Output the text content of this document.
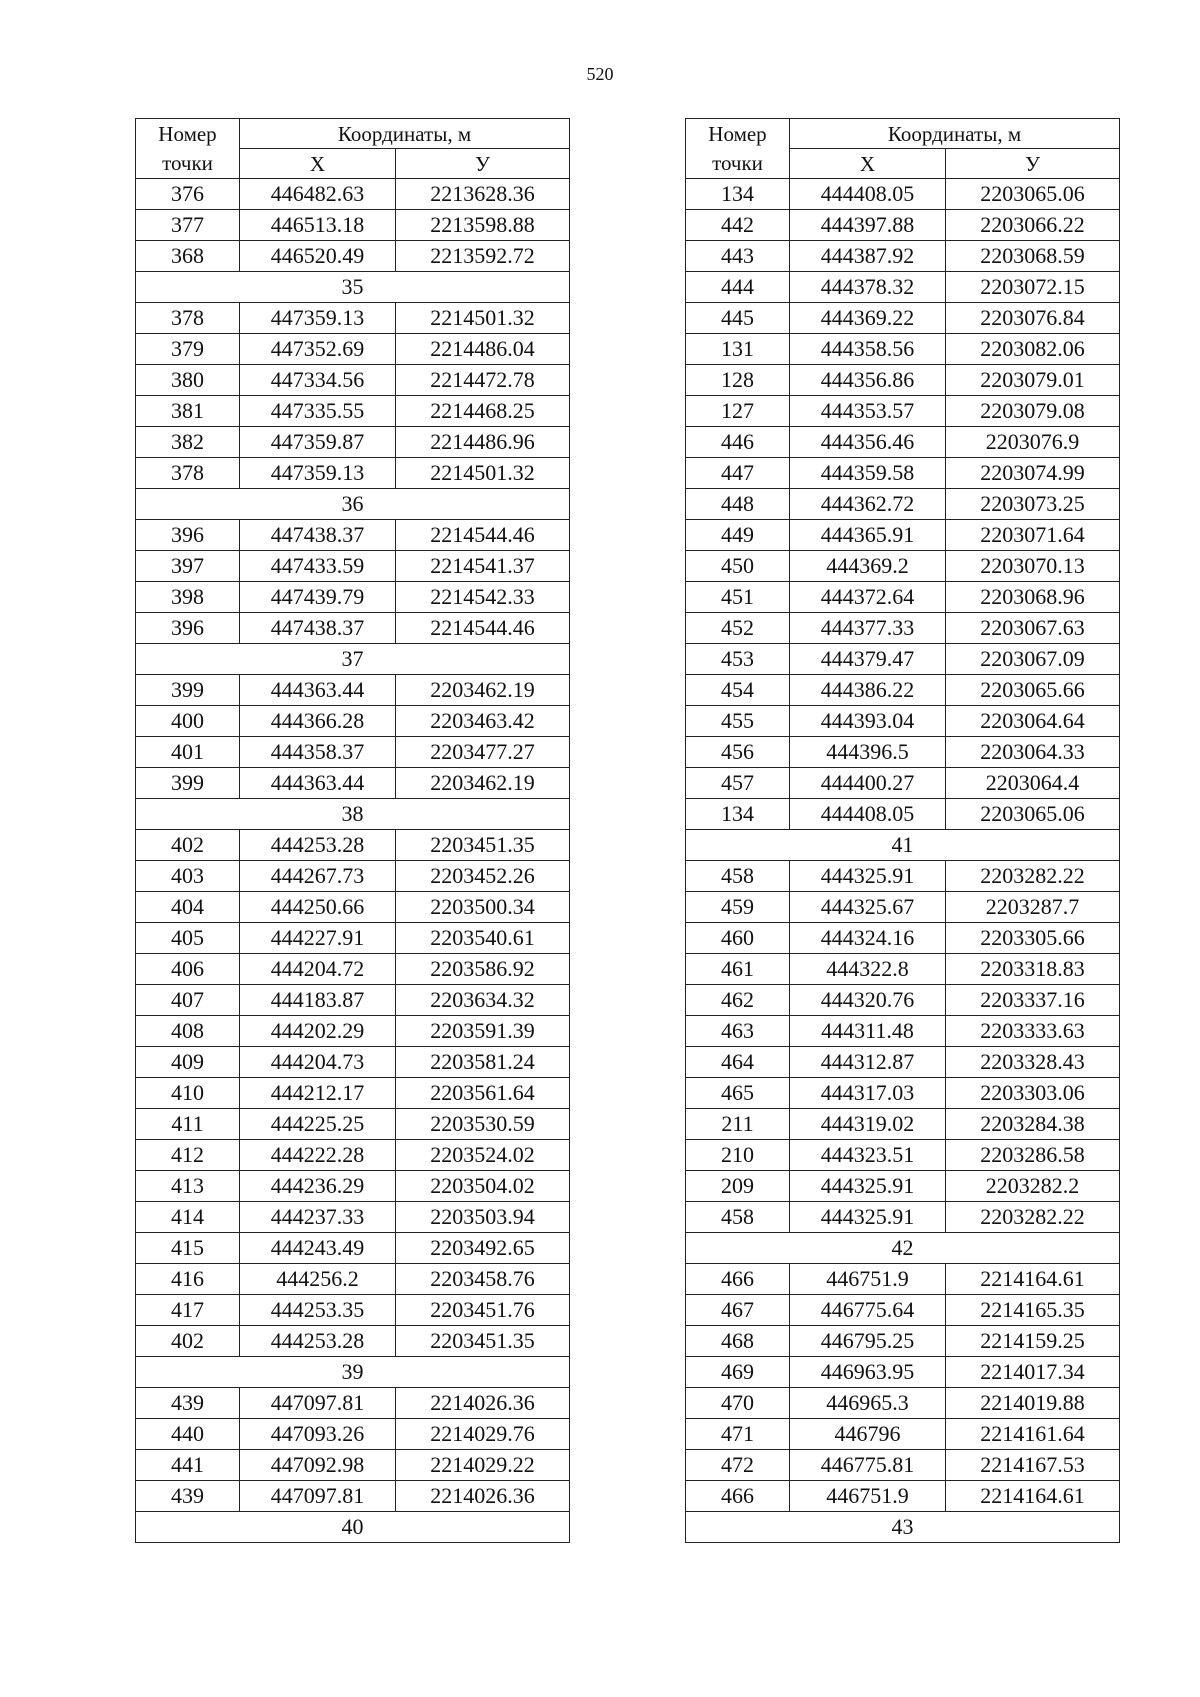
520
Номер	Координаты, м	
точки	X	У
376	446482.63	2213628.36
377	446513.18	2213598.88
368	446520.49	2213592.72
35		
378	447359.13	2214501.32
379	447352.69	2214486.04
380	447334.56	2214472.78
381	447335.55	2214468.25
382	447359.87	2214486.96
378	447359.13	2214501.32
36		
396	447438.37	2214544.46
397	447433.59	2214541.37
398	447439.79	2214542.33
396	447438.37	2214544.46
37		
399	444363.44	2203462.19
400	444366.28	2203463.42
401	444358.37	2203477.27
399	444363.44	2203462.19
38		
402	444253.28	2203451.35
403	444267.73	2203452.26
404	444250.66	2203500.34
405	444227.91	2203540.61
406	444204.72	2203586.92
407	444183.87	2203634.32
408	444202.29	2203591.39
409	444204.73	2203581.24
410	444212.17	2203561.64
411	444225.25	2203530.59
412	444222.28	2203524.02
413	444236.29	2203504.02
414	444237.33	2203503.94
415	444243.49	2203492.65
416	444256.2	2203458.76
417	444253.35	2203451.76
402	444253.28	2203451.35
39		
439	447097.81	2214026.36
440	447093.26	2214029.76
441	447092.98	2214029.22
439	447097.81	2214026.36
40		
Номер	Координаты, м	
точки	X	У
134	444408.05	2203065.06
442	444397.88	2203066.22
443	444387.92	2203068.59
444	444378.32	2203072.15
445	444369.22	2203076.84
131	444358.56	2203082.06
128	444356.86	2203079.01
127	444353.57	2203079.08
446	444356.46	2203076.9
447	444359.58	2203074.99
448	444362.72	2203073.25
449	444365.91	2203071.64
450	444369.2	2203070.13
451	444372.64	2203068.96
452	444377.33	2203067.63
453	444379.47	2203067.09
454	444386.22	2203065.66
455	444393.04	2203064.64
456	444396.5	2203064.33
457	444400.27	2203064.4
134	444408.05	2203065.06
41		
458	444325.91	2203282.22
459	444325.67	2203287.7
460	444324.16	2203305.66
461	444322.8	2203318.83
462	444320.76	2203337.16
463	444311.48	2203333.63
464	444312.87	2203328.43
465	444317.03	2203303.06
211	444319.02	2203284.38
210	444323.51	2203286.58
209	444325.91	2203282.2
458	444325.91	2203282.22
42		
466	446751.9	2214164.61
467	446775.64	2214165.35
468	446795.25	2214159.25
469	446963.95	2214017.34
470	446965.3	2214019.88
471	446796	2214161.64
472	446775.81	2214167.53
466	446751.9	2214164.61
43		
